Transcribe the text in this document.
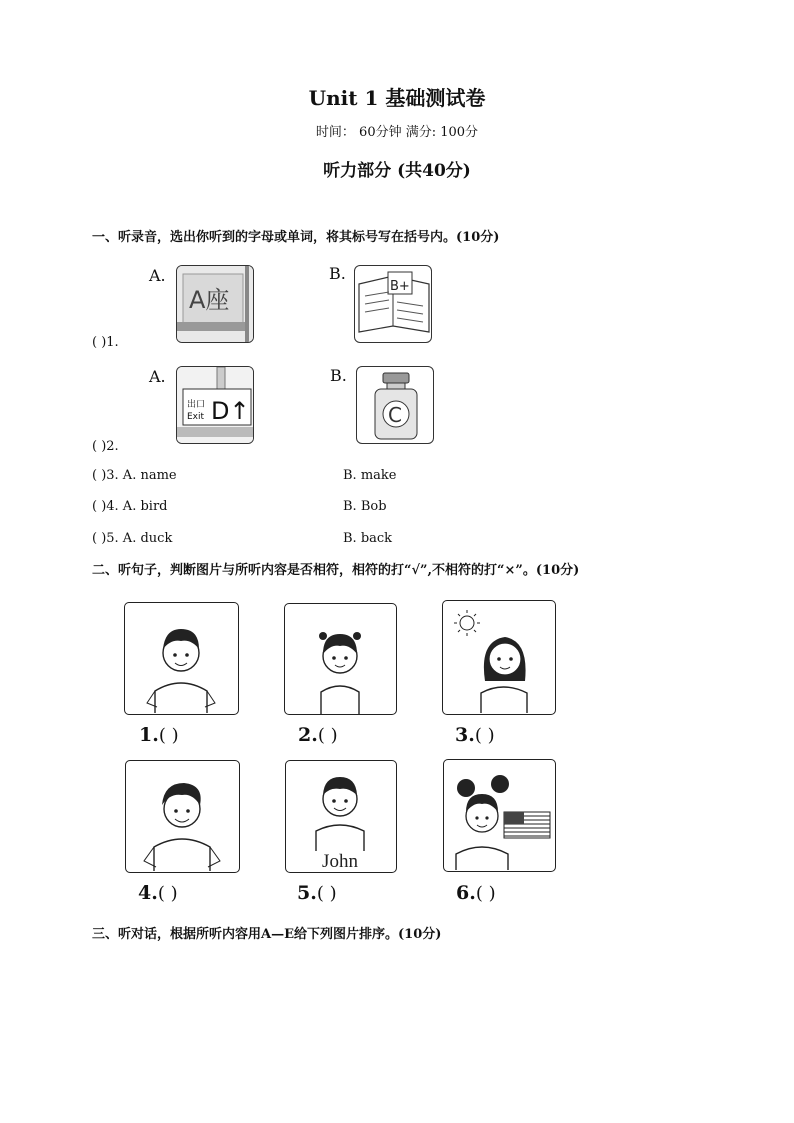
Unit 1 基础测试卷
时间： 60分钟 满分: 100分
听力部分 (共40分)
一、听录音，选出你听到的字母或单词，将其标号写在括号内。(10分)
A.
A座
B.
B+
( )1.
A.
出口
Exit D↑
B.
C
( )2.
( )3. A. name	B. make
( )4. A. bird	B. Bob
( )5. A. duck	B. back
二、听句子，判断图片与所听内容是否相符，相符的打“√”,不相符的打“×”。(10分)
1.( )	2.( )	3.( )
John
4.( )	5.( )	6.( )
三、听对话，根据所听内容用A—E给下列图片排序。(10分)
